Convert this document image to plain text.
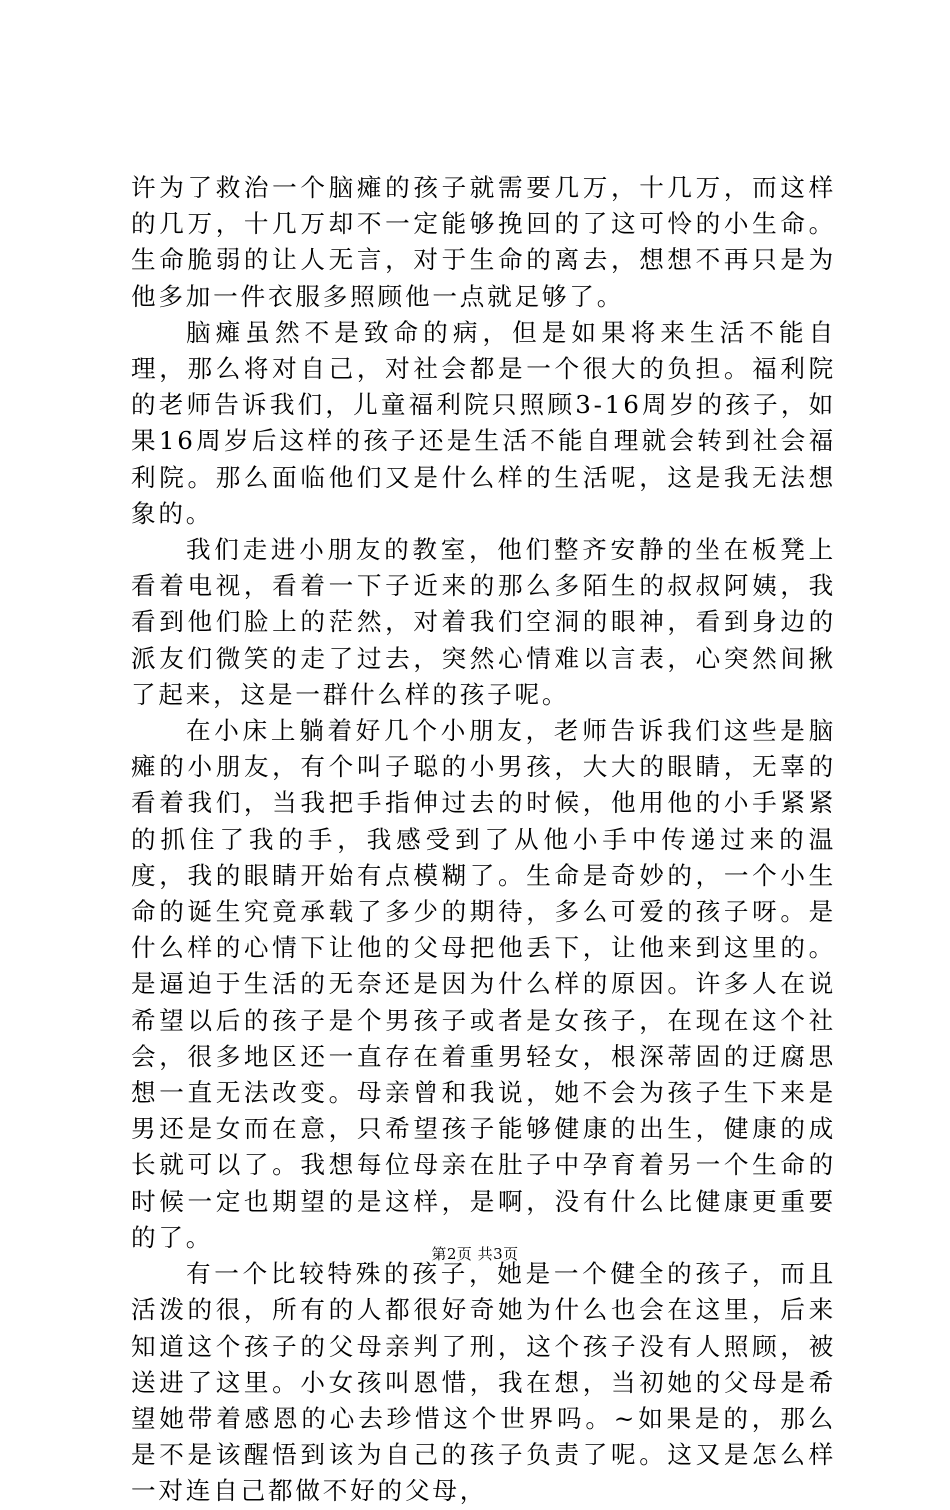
许为了救治一个脑瘫的孩子就需要几万，十几万，而这样的几万，十几万却不一定能够挽回的了这可怜的小生命。生命脆弱的让人无言，对于生命的离去，想想不再只是为他多加一件衣服多照顾他一点就足够了。

脑瘫虽然不是致命的病，但是如果将来生活不能自理，那么将对自己，对社会都是一个很大的负担。福利院的老师告诉我们，儿童福利院只照顾3-16周岁的孩子，如果16周岁后这样的孩子还是生活不能自理就会转到社会福利院。那么面临他们又是什么样的生活呢，这是我无法想象的。

我们走进小朋友的教室，他们整齐安静的坐在板凳上看着电视，看着一下子近来的那么多陌生的叔叔阿姨，我看到他们脸上的茫然，对着我们空洞的眼神，看到身边的派友们微笑的走了过去，突然心情难以言表，心突然间揪了起来，这是一群什么样的孩子呢。

在小床上躺着好几个小朋友，老师告诉我们这些是脑瘫的小朋友，有个叫子聪的小男孩，大大的眼睛，无辜的看着我们，当我把手指伸过去的时候，他用他的小手紧紧的抓住了我的手，我感受到了从他小手中传递过来的温度，我的眼睛开始有点模糊了。生命是奇妙的，一个小生命的诞生究竟承载了多少的期待，多么可爱的孩子呀。是什么样的心情下让他的父母把他丢下，让他来到这里的。是逼迫于生活的无奈还是因为什么样的原因。许多人在说希望以后的孩子是个男孩子或者是女孩子，在现在这个社会，很多地区还一直存在着重男轻女，根深蒂固的迂腐思想一直无法改变。母亲曾和我说，她不会为孩子生下来是男还是女而在意，只希望孩子能够健康的出生，健康的成长就可以了。我想每位母亲在肚子中孕育着另一个生命的时候一定也期望的是这样，是啊，没有什么比健康更重要的了。

有一个比较特殊的孩子，她是一个健全的孩子，而且活泼的很，所有的人都很好奇她为什么也会在这里，后来知道这个孩子的父母亲判了刑，这个孩子没有人照顾，被送进了这里。小女孩叫恩惜，我在想，当初她的父母是希望她带着感恩的心去珍惜这个世界吗。~如果是的，那么是不是该醒悟到该为自己的孩子负责了呢。这又是怎么样一对连自己都做不好的父母，

第2页 共3页
